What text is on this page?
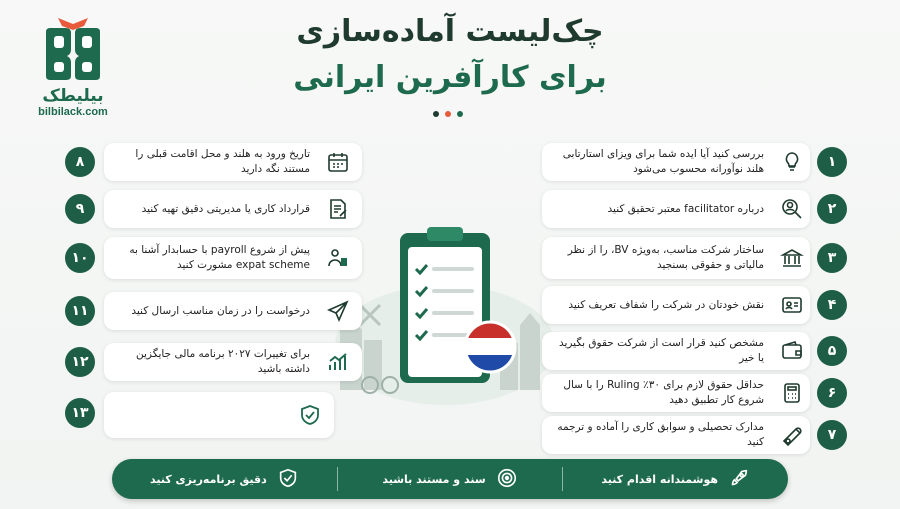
بیلیطک
bilbilack.com
چک‌لیست آماده‌سازی
برای کارآفرین ایرانی
بررسی کنید آیا ایده شما برای ویزای استارتابی هلند نوآورانه محسوب می‌شود	۱
درباره facilitator معتبر تحقیق کنید	۲
ساختار شرکت مناسب، به‌ویژه BV، را از نظر مالیاتی و حقوقی بسنجید	۳
نقش خودتان در شرکت را شفاف تعریف کنید	۴
مشخص کنید قرار است از شرکت حقوق بگیرید یا خیر	۵
حداقل حقوق لازم برای ۳۰٪ Ruling را با سال شروع کار تطبیق دهید	۶
مدارک تحصیلی و سوابق کاری را آماده و ترجمه کنید	۷
۸	تاریخ ورود به هلند و محل اقامت قبلی را مستند نگه دارید
۹	قرارداد کاری یا مدیریتی دقیق تهیه کنید
۱۰	پیش از شروع payroll با حسابدار آشنا به expat scheme مشورت کنید
۱۱	درخواست را در زمان مناسب ارسال کنید
۱۲	برای تغییرات ۲۰۲۷ برنامه مالی جایگزین داشته باشید
۱۳
دقیق برنامه‌ریزی کنید	سند و مستند باشید	هوشمندانه اقدام کنید
